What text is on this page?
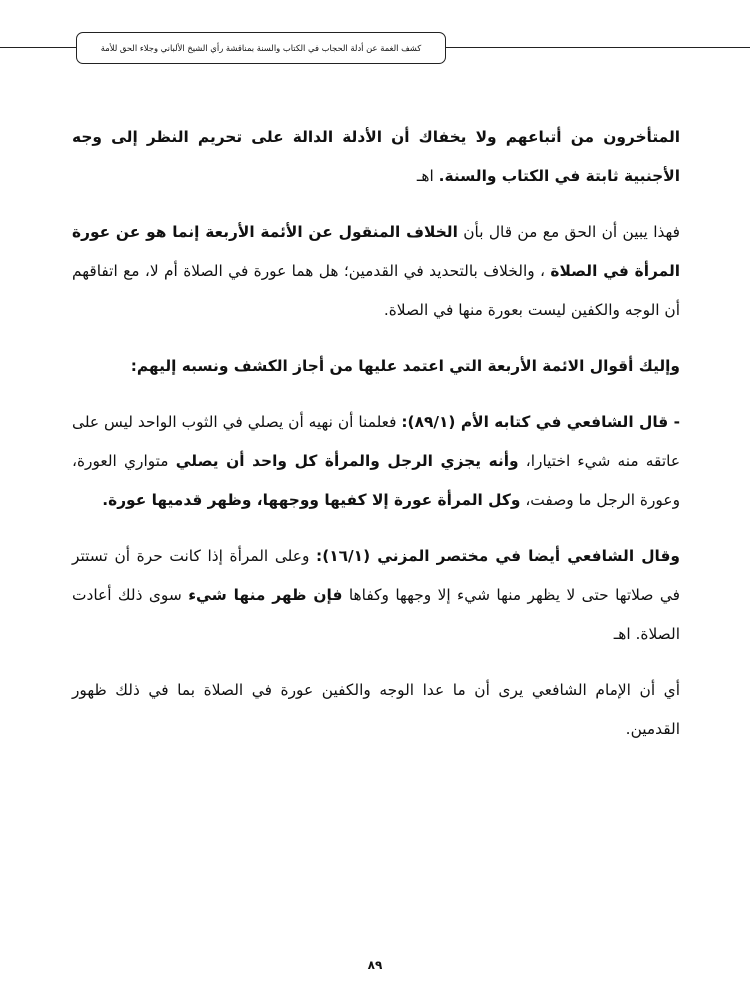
كشف الغمة عن أدلة الحجاب في الكتاب والسنة بمناقشة رأي الشيخ الألباني وجلاء الحق للأمة

المتأخرون من أتباعهم ولا يخفاك أن الأدلة الدالة على تحريم النظر إلى وجه الأجنبية ثابتة في الكتاب والسنة. اهـ

فهذا يبين أن الحق مع من قال بأن الخلاف المنقول عن الأئمة الأربعة إنما هو عن عورة المرأة في الصلاة ، والخلاف بالتحديد في القدمين؛ هل هما عورة في الصلاة أم لا، مع اتفاقهم أن الوجه والكفين ليست بعورة منها في الصلاة.

وإليك أقوال الائمة الأربعة التي اعتمد عليها من أجاز الكشف ونسبه إليهم:

- قال الشافعي في كتابه الأم (٨٩/١): فعلمنا أن نهيه أن يصلي في الثوب الواحد ليس على عاتقه منه شيء اختيارا، وأنه يجزي الرجل والمرأة كل واحد أن يصلي متواري العورة، وعورة الرجل ما وصفت، وكل المرأة عورة إلا كفيها ووجهها، وظهر قدميها عورة.

وقال الشافعي أيضا في مختصر المزني (١٦/١): وعلى المرأة إذا كانت حرة أن تستتر في صلاتها حتى لا يظهر منها شيء إلا وجهها وكفاها فإن ظهر منها شيء سوى ذلك أعادت الصلاة. اهـ

أي أن الإمام الشافعي يرى أن ما عدا الوجه والكفين عورة في الصلاة بما في ذلك ظهور القدمين.

٨٩
